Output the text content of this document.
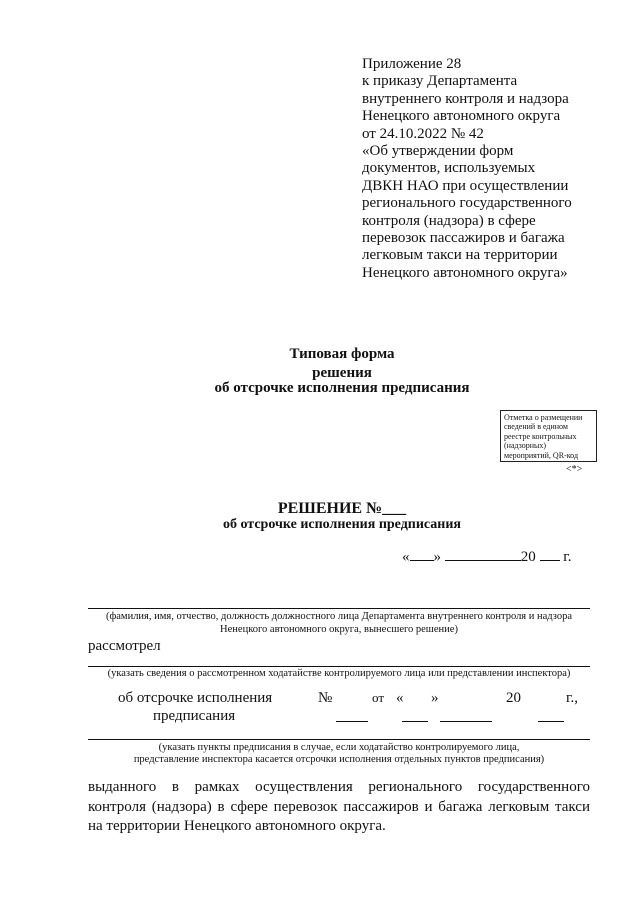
Приложение 28
к приказу Департамента
внутреннего контроля и надзора
Ненецкого автономного округа
от 24.10.2022 № 42
«Об утверждении форм
документов, используемых
ДВКН НАО при осуществлении
регионального государственного
контроля (надзора) в сфере
перевозок пассажиров и багажа
легковым такси на территории
Ненецкого автономного округа»
Типовая форма
решения
об отсрочке исполнения предписания
Отметка о размещении
сведений в едином
реестре контрольных
(надзорных)
мероприятий, QR-код
<*>
РЕШЕНИЕ №___
об отсрочке исполнения предписания
« »	20 г.
(фамилия, имя, отчество, должность должностного лица Департамента внутреннего контроля и надзора Ненецкого автономного округа, вынесшего решение)
рассмотрел
(указать сведения о рассмотренном ходатайстве контролируемого лица или представлении инспектора)
об отсрочке исполнения
предписания
№	от « »	20	г.,
(указать пункты предписания в случае, если ходатайство контролируемого лица,
представление инспектора касается отсрочки исполнения отдельных пунктов предписания)
выданного в рамках осуществления регионального государственного
контроля (надзора) в сфере перевозок пассажиров и багажа легковым такси
на территории Ненецкого автономного округа.
